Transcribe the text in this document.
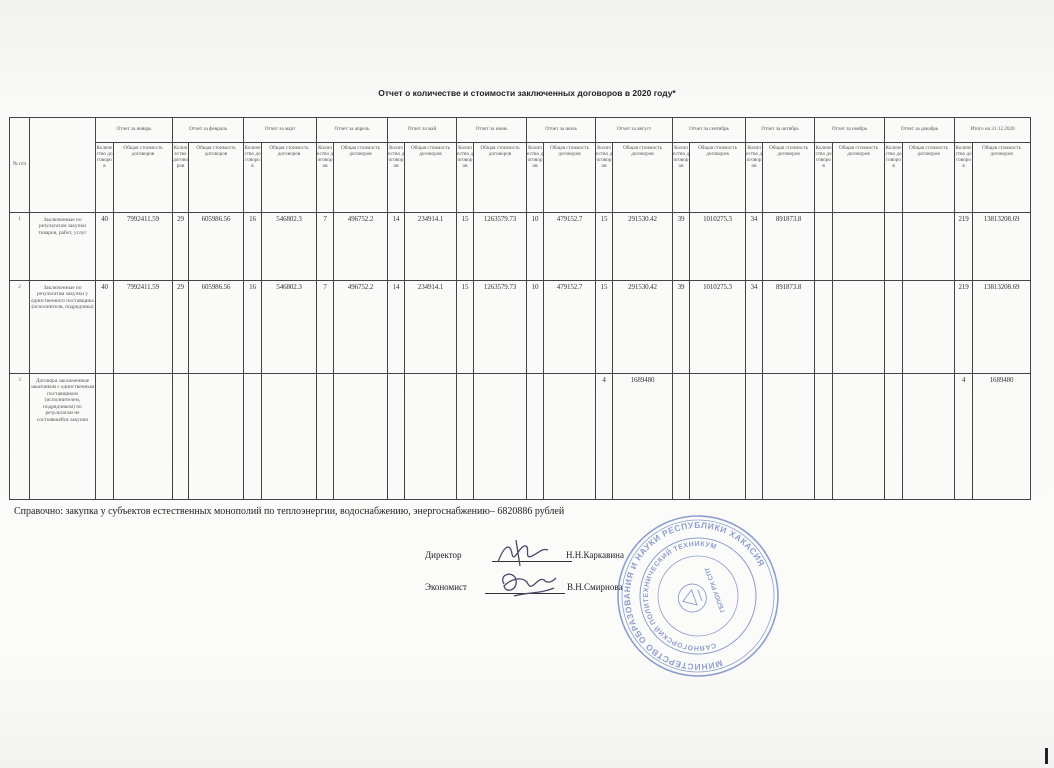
Отчет о количестве и стоимости заключенных договоров в 2020 году*
№ п/п		Отчет за январь		Отчет за февраль		Отчет за март		Отчет за апрель		Отчет за май		Отчет за июнь		Отчет за июль		Отчет за август		Отчет за сентябрь		Отчет за октябрь		Отчет за ноябрь		Отчет за декабрь		Итого на 31.12.2020	
		Количество договоров	Общая стоимость договоров	Количество договоров	Общая стоимость договоров	Количество договоров	Общая стоимость договоров	Количество договоров	Общая стоимость договоров	Количество договоров	Общая стоимость договоров	Количество договоров	Общая стоимость договоров	Количество договоров	Общая стоимость договоров	Количество договоров	Общая стоимость договоров	Количество договоров	Общая стоимость договоров	Количество договоров	Общая стоимость договоров	Количество договоров	Общая стоимость договоров	Количество договоров	Общая стоимость договоров	Количество договоров	Общая стоимость договоров
1	Заключенные по результатам закупки товаров, работ, услуг	40	7992411.59	29	605986.56	16	546802.3	7	496752.2	14	234914.1	15	1263579.73	10	479152.7	15	291530.42	39	1010275.3	34	891873.8					219	13813208.69
2	Заключенные по результатам закупки у единственного поставщика (исполнителя, подрядчика)	40	7992411.59	29	605986.56	16	546802.3	7	496752.2	14	234914.1	15	1263579.73	10	479152.7	15	291530.42	39	1010275.3	34	891873.8					219	13813208.69
3	Договора заключенные заказчиком с единственным поставщиком (исполнителем, подрядчиком) по результатам не состоявшейся закупки															4	1689480									4	1689480
Справочно: закупка у субъектов естественных монополий по теплоэнергии, водоснабжению, энергоснабжению– 6820886 рублей
Директор	Н.Н.Каркавина
Экономист	В.Н.Смирнова
МИНИСТЕРСТВО ОБРАЗОВАНИЯ И НАУКИ РЕСПУБЛИКИ ХАКАСИЯ
САЯНОГОРСКИЙ ПОЛИТЕХНИЧЕСКИЙ ТЕХНИКУМ
ГБПОУ РХ СПТ
